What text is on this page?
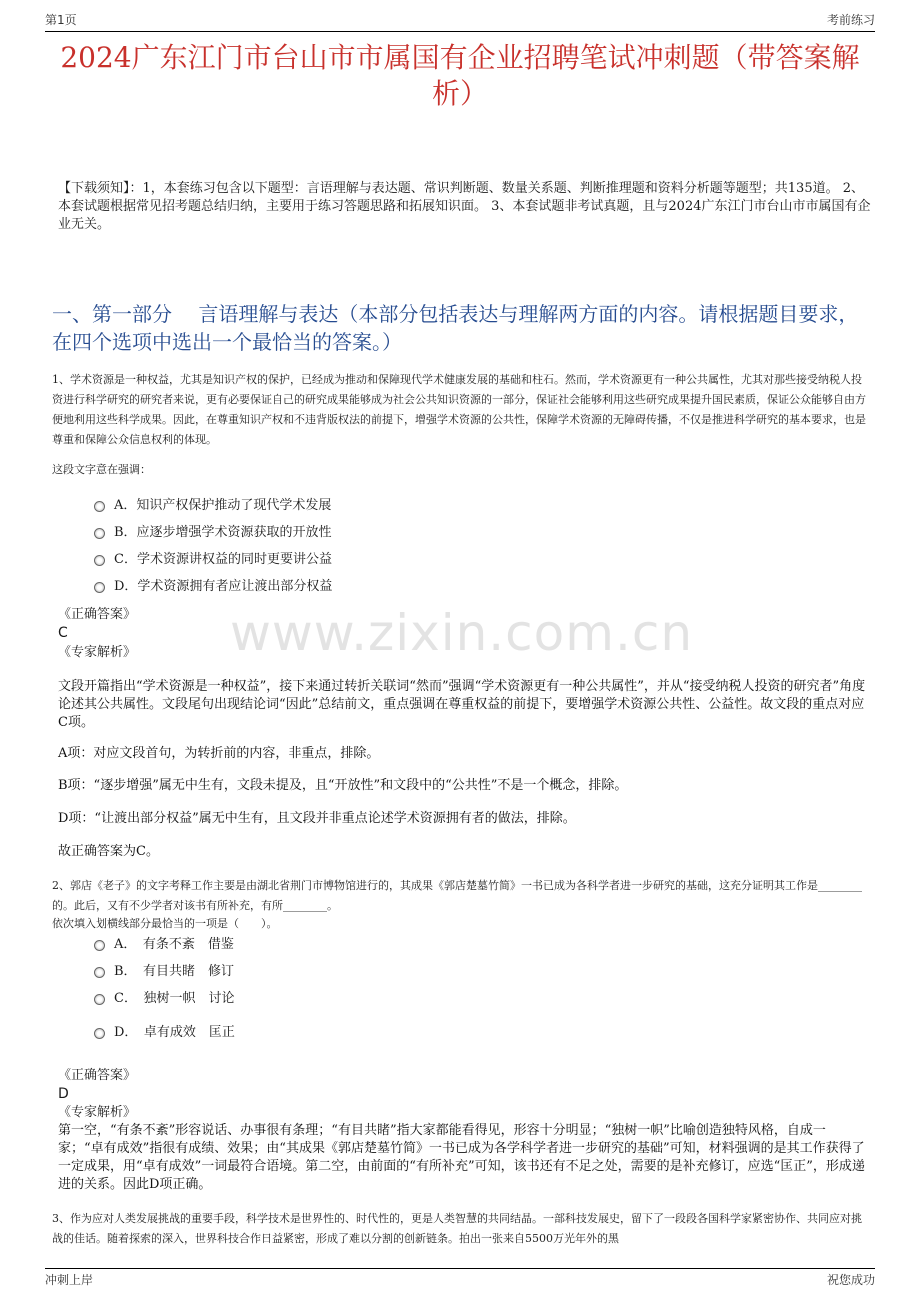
第1页	考前练习
2024广东江门市台山市市属国有企业招聘笔试冲刺题（带答案解析）
【下载须知】：1，本套练习包含以下题型：言语理解与表达题、常识判断题、数量关系题、判断推理题和资料分析题等题型；共135道。 2、本套试题根据常见招考题总结归纳，主要用于练习答题思路和拓展知识面。 3、本套试题非考试真题，且与2024广东江门市台山市市属国有企业无关。
一、第一部分　 言语理解与表达（本部分包括表达与理解两方面的内容。请根据题目要求，在四个选项中选出一个最恰当的答案。）
1、学术资源是一种权益，尤其是知识产权的保护，已经成为推动和保障现代学术健康发展的基础和柱石。然而，学术资源更有一种公共属性，尤其对那些接受纳税人投资进行科学研究的研究者来说，更有必要保证自己的研究成果能够成为社会公共知识资源的一部分，保证社会能够利用这些研究成果提升国民素质，保证公众能够自由方便地利用这些科学成果。因此，在尊重知识产权和不违背版权法的前提下，增强学术资源的公共性，保障学术资源的无障碍传播，不仅是推进科学研究的基本要求，也是尊重和保障公众信息权利的体现。
这段文字意在强调：
A．知识产权保护推动了现代学术发展
B．应逐步增强学术资源获取的开放性
C．学术资源讲权益的同时更要讲公益
D．学术资源拥有者应让渡出部分权益
《正确答案》
C
《专家解析》
文段开篇指出“学术资源是一种权益”，接下来通过转折关联词“然而”强调“学术资源更有一种公共属性”，并从“接受纳税人投资的研究者”角度论述其公共属性。文段尾句出现结论词“因此”总结前文，重点强调在尊重权益的前提下，要增强学术资源公共性、公益性。故文段的重点对应C项。
A项：对应文段首句，为转折前的内容，非重点，排除。
B项：“逐步增强”属无中生有，文段未提及，且“开放性”和文段中的“公共性”不是一个概念，排除。
D项：“让渡出部分权益”属无中生有，且文段并非重点论述学术资源拥有者的做法，排除。
故正确答案为C。
2、郭店《老子》的文字考释工作主要是由湖北省荆门市博物馆进行的，其成果《郭店楚墓竹简》一书已成为各科学者进一步研究的基础，这充分证明其工作是________的。此后，又有不少学者对该书有所补充，有所________。
依次填入划横线部分最恰当的一项是（　　）。
A．　有条不紊　借鉴
B．　有目共睹　修订
C．　独树一帜　讨论
D．　卓有成效　匡正
《正确答案》
D
《专家解析》
第一空，“有条不紊”形容说话、办事很有条理；“有目共睹”指大家都能看得见，形容十分明显；“独树一帜”比喻创造独特风格，自成一家；“卓有成效”指很有成绩、效果；由“其成果《郭店楚墓竹简》一书已成为各学科学者进一步研究的基础”可知，材料强调的是其工作获得了一定成果，用“卓有成效”一词最符合语境。第二空，由前面的“有所补充”可知，该书还有不足之处，需要的是补充修订，应选“匡正”，形成递进的关系。因此D项正确。
3、作为应对人类发展挑战的重要手段，科学技术是世界性的、时代性的，更是人类智慧的共同结晶。一部科技发展史，留下了一段段各国科学家紧密协作、共同应对挑战的佳话。随着探索的深入，世界科技合作日益紧密，形成了难以分割的创新链条。拍出一张来自5500万光年外的黑
www.zixin.com.cn
冲刺上岸	祝您成功
